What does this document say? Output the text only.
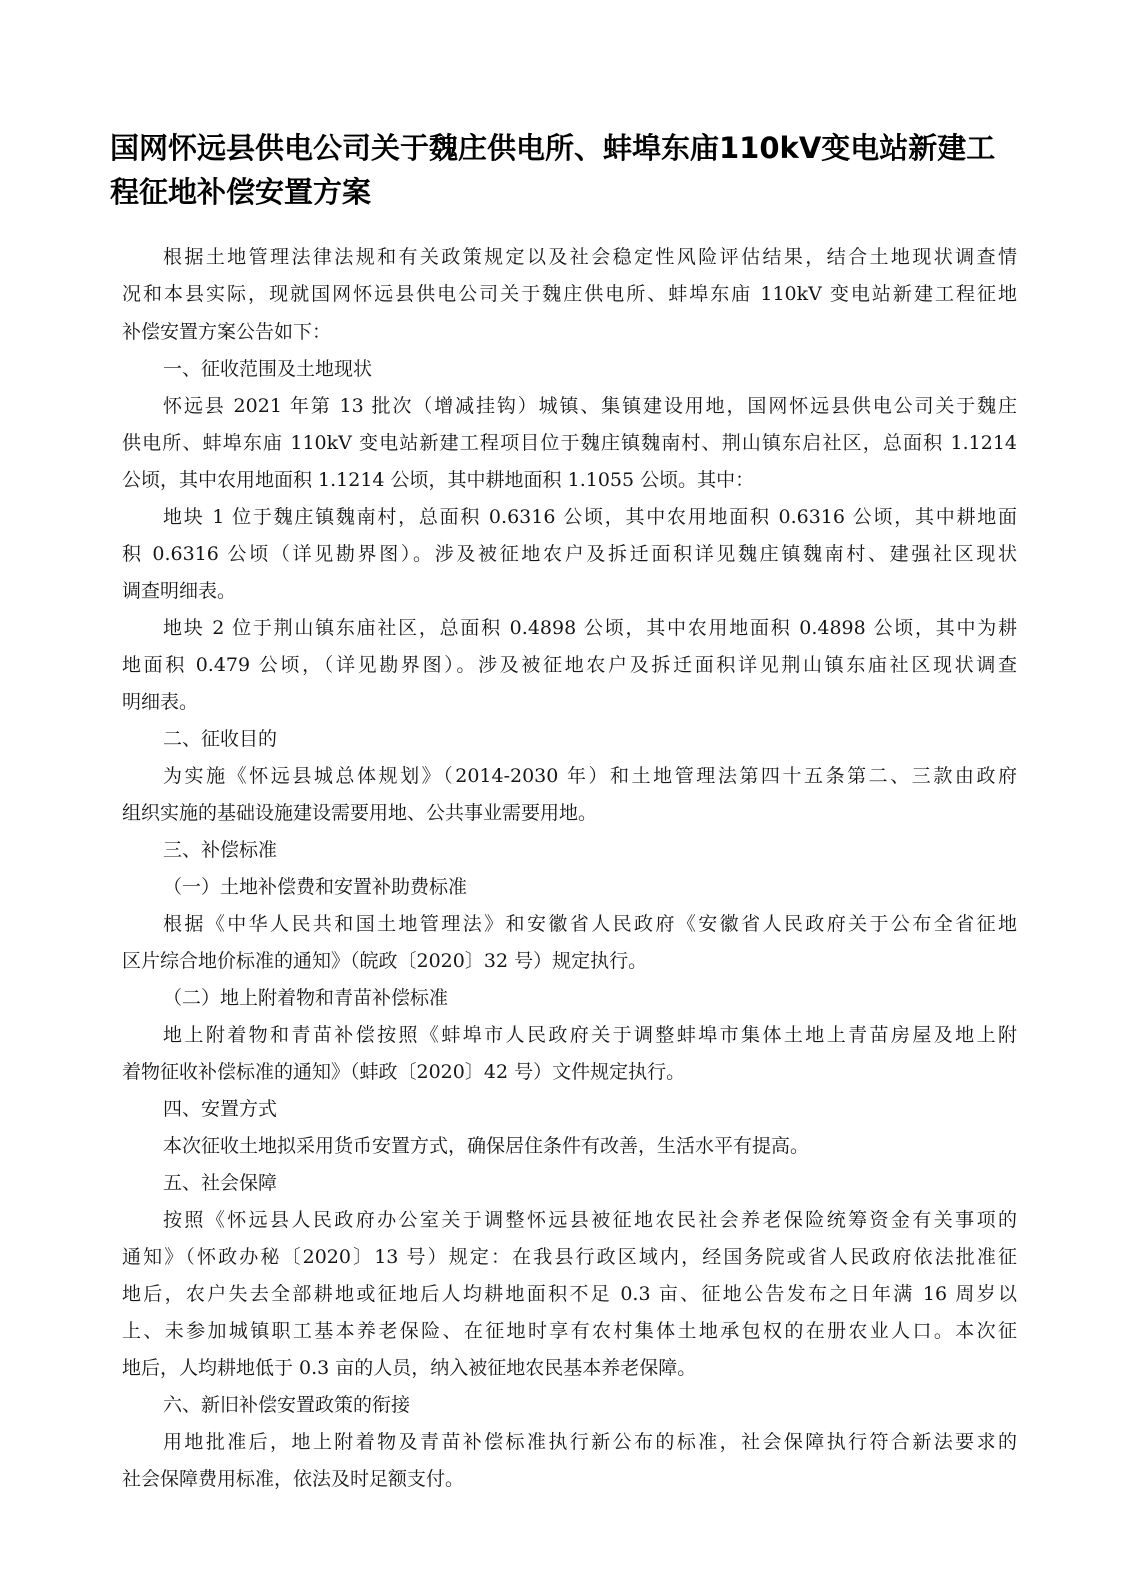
国网怀远县供电公司关于魏庄供电所、蚌埠东庙110kV变电站新建工
程征地补偿安置方案
根据土地管理法律法规和有关政策规定以及社会稳定性风险评估结果，结合土地现状调查情
况和本县实际，现就国网怀远县供电公司关于魏庄供电所、蚌埠东庙 110kV 变电站新建工程征地
补偿安置方案公告如下：
一、征收范围及土地现状
怀远县 2021 年第 13 批次（增减挂钩）城镇、集镇建设用地，国网怀远县供电公司关于魏庄
供电所、蚌埠东庙 110kV 变电站新建工程项目位于魏庄镇魏南村、荆山镇东启社区，总面积 1.1214
公顷，其中农用地面积 1.1214 公顷，其中耕地面积 1.1055 公顷。其中：
地块 1 位于魏庄镇魏南村，总面积 0.6316 公顷，其中农用地面积 0.6316 公顷，其中耕地面
积 0.6316 公顷（详见勘界图）。涉及被征地农户及拆迁面积详见魏庄镇魏南村、建强社区现状
调查明细表。
地块 2 位于荆山镇东庙社区，总面积 0.4898 公顷，其中农用地面积 0.4898 公顷，其中为耕
地面积 0.479 公顷，（详见勘界图）。涉及被征地农户及拆迁面积详见荆山镇东庙社区现状调查
明细表。
二、征收目的
为实施《怀远县城总体规划》（2014-2030 年）和土地管理法第四十五条第二、三款由政府
组织实施的基础设施建设需要用地、公共事业需要用地。
三、补偿标准
（一）土地补偿费和安置补助费标准
根据《中华人民共和国土地管理法》和安徽省人民政府《安徽省人民政府关于公布全省征地
区片综合地价标准的通知》（皖政〔2020〕32 号）规定执行。
（二）地上附着物和青苗补偿标准
地上附着物和青苗补偿按照《蚌埠市人民政府关于调整蚌埠市集体土地上青苗房屋及地上附
着物征收补偿标准的通知》（蚌政〔2020〕42 号）文件规定执行。
四、安置方式
本次征收土地拟采用货币安置方式，确保居住条件有改善，生活水平有提高。
五、社会保障
按照《怀远县人民政府办公室关于调整怀远县被征地农民社会养老保险统筹资金有关事项的
通知》（怀政办秘〔2020〕13 号）规定：在我县行政区域内，经国务院或省人民政府依法批准征
地后，农户失去全部耕地或征地后人均耕地面积不足 0.3 亩、征地公告发布之日年满 16 周岁以
上、未参加城镇职工基本养老保险、在征地时享有农村集体土地承包权的在册农业人口。本次征
地后，人均耕地低于 0.3 亩的人员，纳入被征地农民基本养老保障。
六、新旧补偿安置政策的衔接
用地批准后，地上附着物及青苗补偿标准执行新公布的标准，社会保障执行符合新法要求的
社会保障费用标准，依法及时足额支付。
